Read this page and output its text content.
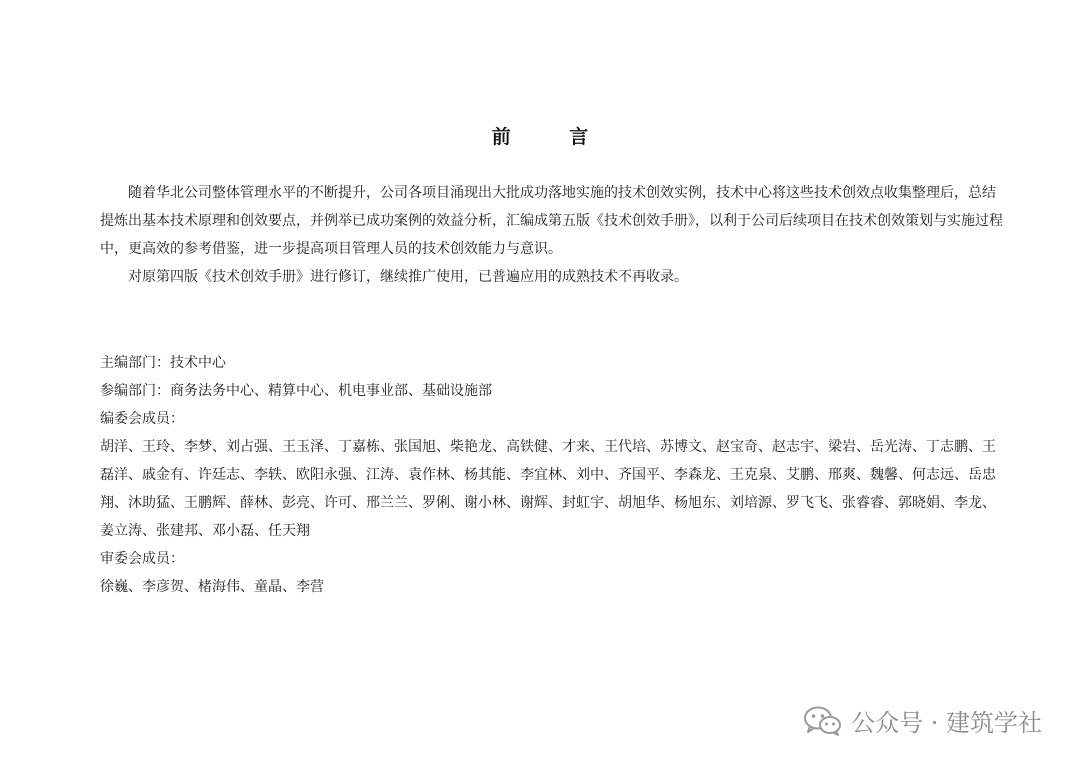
前 言

随着华北公司整体管理水平的不断提升，公司各项目涌现出大批成功落地实施的技术创效实例，技术中心将这些技术创效点收集整理后，总结提炼出基本技术原理和创效要点，并例举已成功案例的效益分析，汇编成第五版《技术创效手册》，以利于公司后续项目在技术创效策划与实施过程中，更高效的参考借鉴，进一步提高项目管理人员的技术创效能力与意识。

对原第四版《技术创效手册》进行修订，继续推广使用，已普遍应用的成熟技术不再收录。

主编部门：技术中心
参编部门：商务法务中心、精算中心、机电事业部、基础设施部
编委会成员：

胡洋、王玲、李梦、刘占强、王玉泽、丁嘉栋、张国旭、柴艳龙、高铁健、才来、王代培、苏博文、赵宝奇、赵志宇、梁岩、岳光涛、丁志鹏、王磊洋、戚金有、许廷志、李轶、欧阳永强、江涛、袁作林、杨其能、李宜林、刘中、齐国平、李森龙、王克泉、艾鹏、邢爽、魏馨、何志远、岳忠翔、沐助猛、王鹏辉、薛林、彭亮、许可、邢兰兰、罗俐、谢小林、谢辉、封虹宇、胡旭华、杨旭东、刘培源、罗飞飞、张睿睿、郭晓娟、李龙、姜立涛、张建邦、邓小磊、任天翔

审委会成员：
徐巍、李彦贺、楮海伟、童晶、李营
公众号 · 建筑学社
